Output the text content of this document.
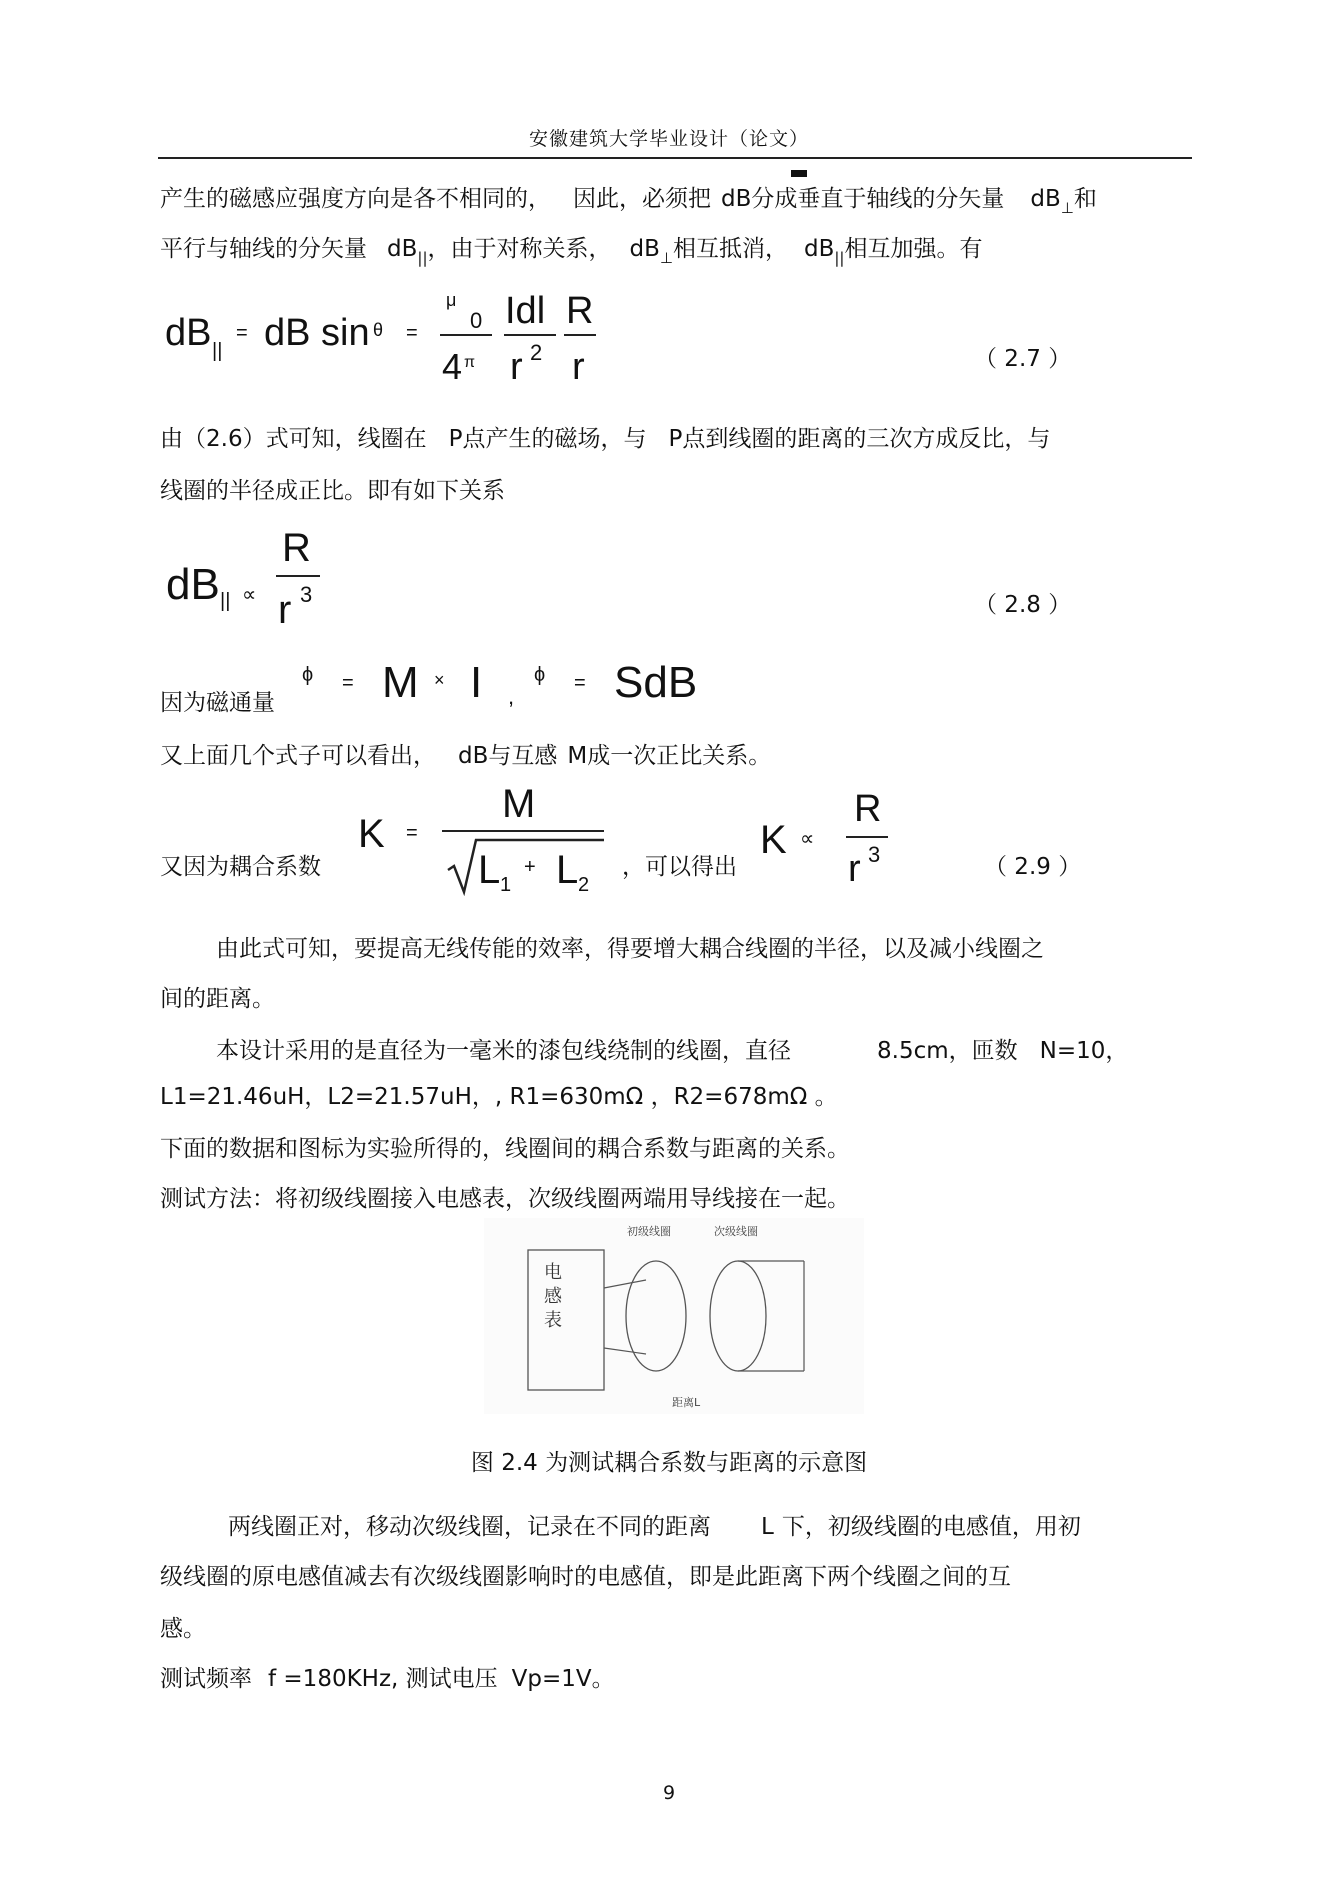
安徽建筑大学毕业设计（论文）
产生的磁感应强度方向是各不相同的， 因此，必须把 dB分成垂直于轴线的分矢量 $dB_\perp$和
平行与轴线的分矢量 $dB_{||}$，由于对称关系， $dB_\perp$相互抵消， $dB_{||}$相互加强。有
dB ||
= dB sin θ =
μ
0
4 π
Idl
r 2
R
r	（ 2.7 ）
由（2.6）式可知，线圈在 P点产生的磁场，与 P点到线圈的距离的三次方成反比，与
线圈的半径成正比。即有如下关系
dB || ∝
R
r 3	（ 2.8 ）
因为磁通量
ϕ = M × I ,
ϕ = SdB
又上面几个式子可以看出， dB与互感 M成一次正比关系。
又因为耦合系数
K =
M
L 1
+ L 2
，可以得出
K ∝
R
r 3	（ 2.9 ）
由此式可知，要提高无线传能的效率，得要增大耦合线圈的半径，以及减小线圈之
间的距离。
本设计采用的是直径为一毫米的漆包线绕制的线圈，直径	8.5cm，匝数 N=10，
L1=21.46uH，L2=21.57uH，, R1=630mΩ ，R2=678mΩ 。
下面的数据和图标为实验所得的，线圈间的耦合系数与距离的关系。
测试方法：将初级线圈接入电感表，次级线圈两端用导线接在一起。
初级线圈	次级线圈
电
感
表
距离L
图 2.4 为测试耦合系数与距离的示意图
两线圈正对，移动次级线圈，记录在不同的距离 L 下，初级线圈的电感值，用初
级线圈的原电感值减去有次级线圈影响时的电感值，即是此距离下两个线圈之间的互
感。
测试频率 f =180KHz, 测试电压 Vp=1V。
9
